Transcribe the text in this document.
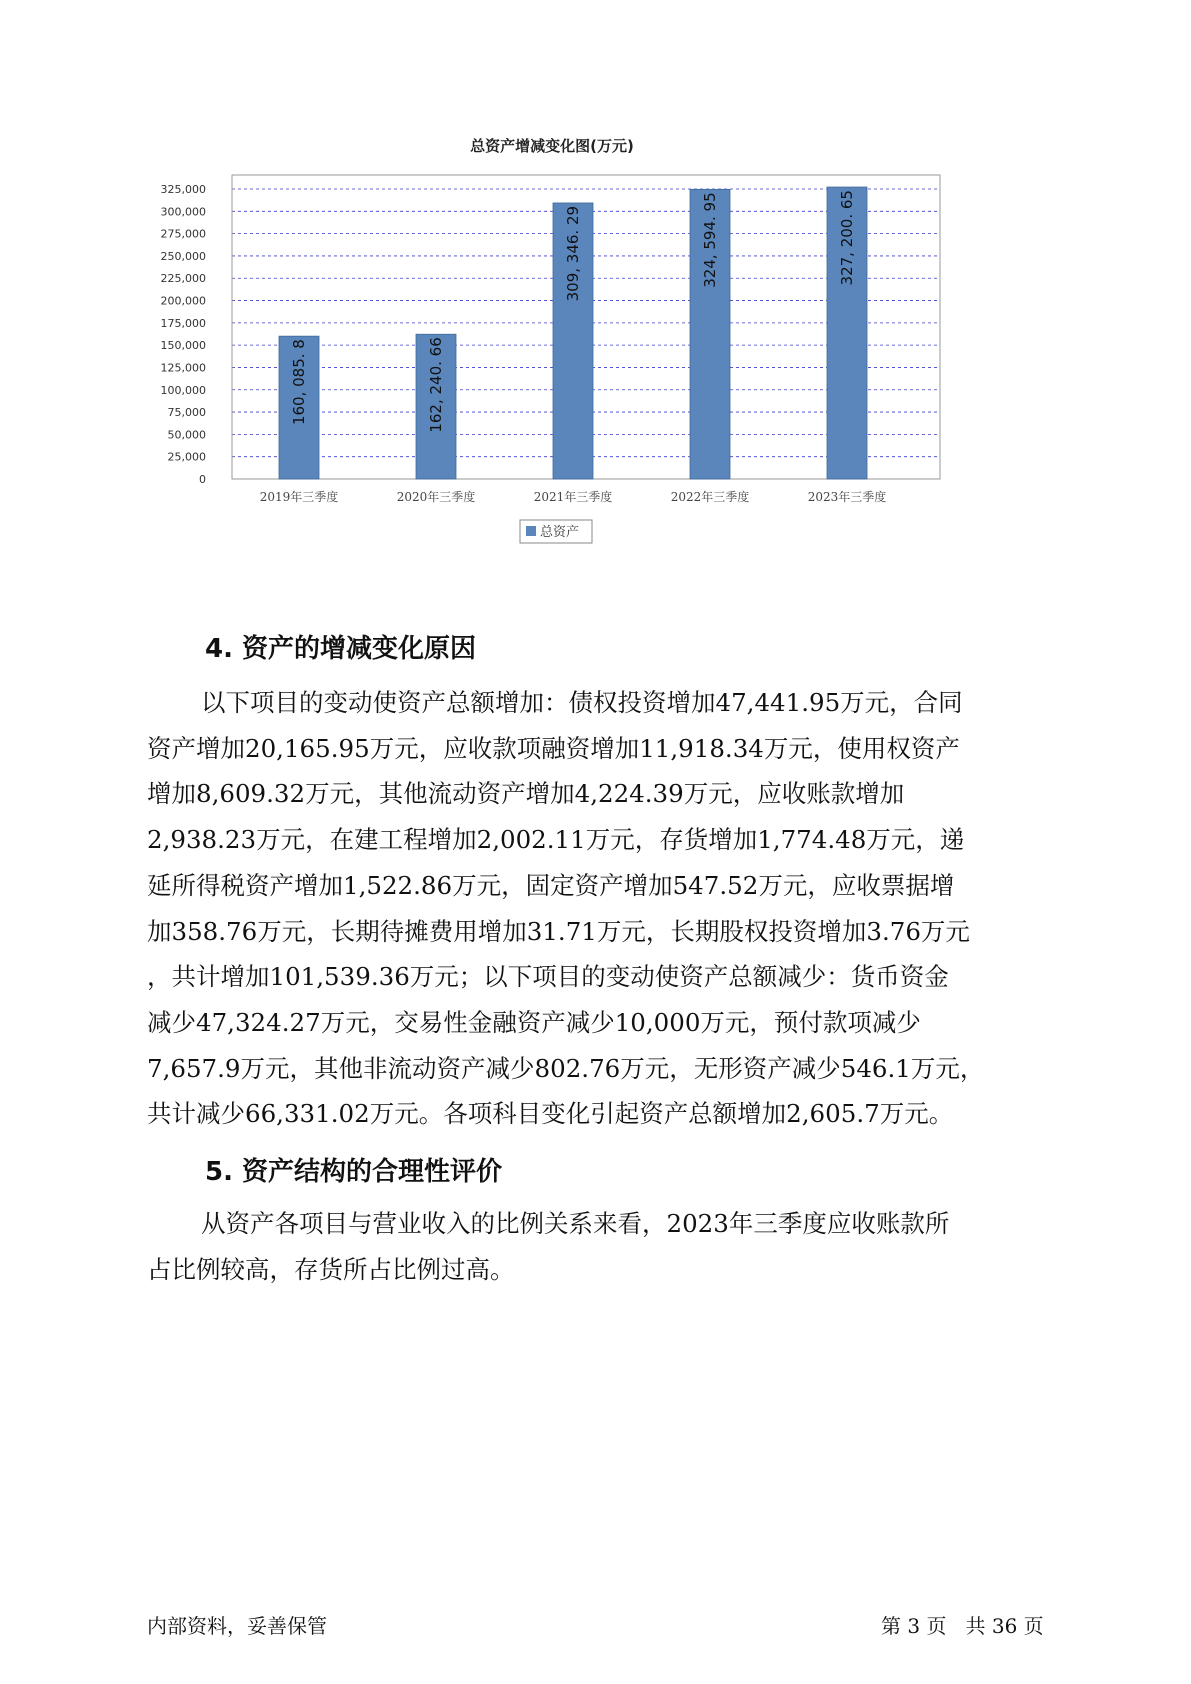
总资产增减变化图(万元)
0
25,000
50,000
75,000
100,000
125,000
150,000
175,000
200,000
225,000
250,000
275,000
300,000
325,000
160, 085. 8	162, 240. 66
309, 346. 29	324, 594. 95	327, 200. 65
2019年三季度	2020年三季度	2021年三季度	2022年三季度	2023年三季度
总资产
4. 资产的增减变化原因

以下项目的变动使资产总额增加：债权投资增加47,441.95万元，合同
资产增加20,165.95万元，应收款项融资增加11,918.34万元，使用权资产
增加8,609.32万元，其他流动资产增加4,224.39万元，应收账款增加
2,938.23万元，在建工程增加2,002.11万元，存货增加1,774.48万元，递
延所得税资产增加1,522.86万元，固定资产增加547.52万元，应收票据增
加358.76万元，长期待摊费用增加31.71万元，长期股权投资增加3.76万元
，共计增加101,539.36万元；以下项目的变动使资产总额减少：货币资金
减少47,324.27万元，交易性金融资产减少10,000万元，预付款项减少
7,657.9万元，其他非流动资产减少802.76万元，无形资产减少546.1万元，
共计减少66,331.02万元。各项科目变化引起资产总额增加2,605.7万元。

5. 资产结构的合理性评价

从资产各项目与营业收入的比例关系来看，2023年三季度应收账款所
占比例较高，存货所占比例过高。

内部资料，妥善保管	第 3 页   共 36 页
